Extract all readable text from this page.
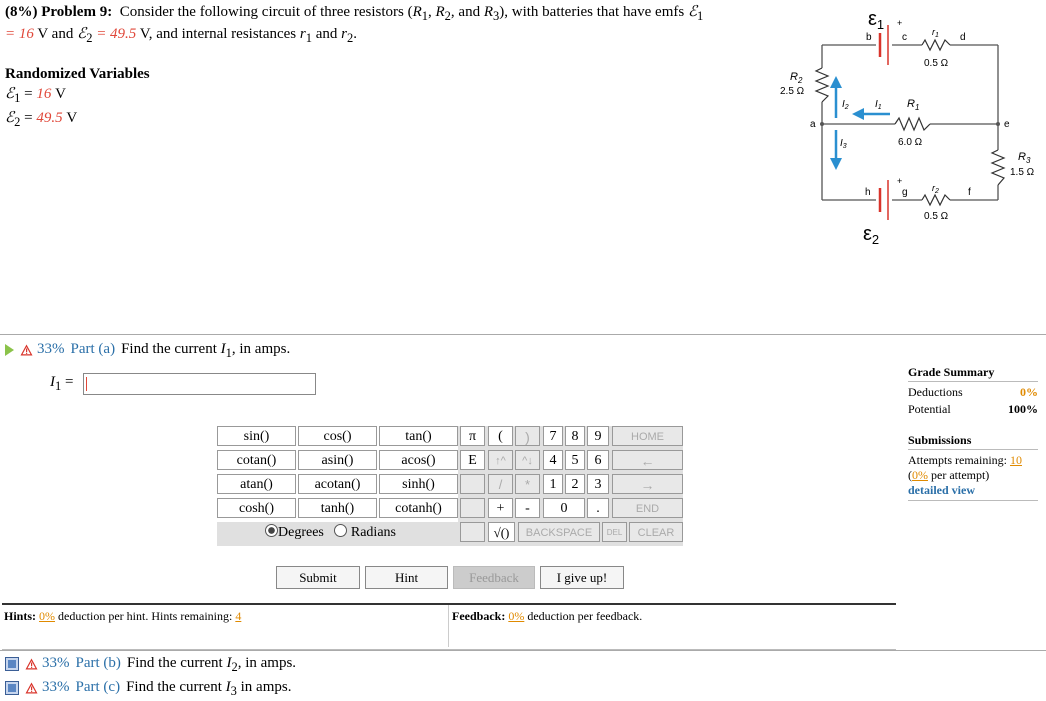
(8%) Problem 9: Consider the following circuit of three resistors ($R_1$, $R_2$, and $R_3$), with batteries that have emfs ℰ$_1$
= 16 V and ℰ$_2$ = 49.5 V, and internal resistances $r_1$ and $r_2$.
Randomized Variables
ℰ$_1$ = 16 V
ℰ$_2$ = 49.5 V
$\varepsilon_1$
$\varepsilon_2$
+
+
b	c	d
a	e
f
g
h
$r_1$
0.5 Ω
$r_2$
0.5 Ω
$R_1$
6.0 Ω
$R_2$
2.5 Ω
$R_3$
1.5 Ω
$I_2$	$I_1$
$I_3$
33% Part (a) Find the current $I_1$, in amps.
$I_1$ =
sin()	cos()	tan()
cotan()	asin()	acos()
atan()	acotan()	sinh()
cosh()	tanh()	cotanh()
Degrees Radians
π	(	)
E	↑^	^↓
/	*
+	-
√()
7	8	9
4	5	6
1	2	3
0	.
HOME
←
→
END
BACKSPACE	DEL	CLEAR
Submit	Hint	Feedback	I give up!
Hints: 0% deduction per hint. Hints remaining: 4	Feedback: 0% deduction per feedback.
Grade Summary
Deductions	0%
Potential	100%
Submissions
Attempts remaining: 10
(0% per attempt)
detailed view
33% Part (b) Find the current $I_2$, in amps.
33% Part (c) Find the current $I_3$ in amps.
